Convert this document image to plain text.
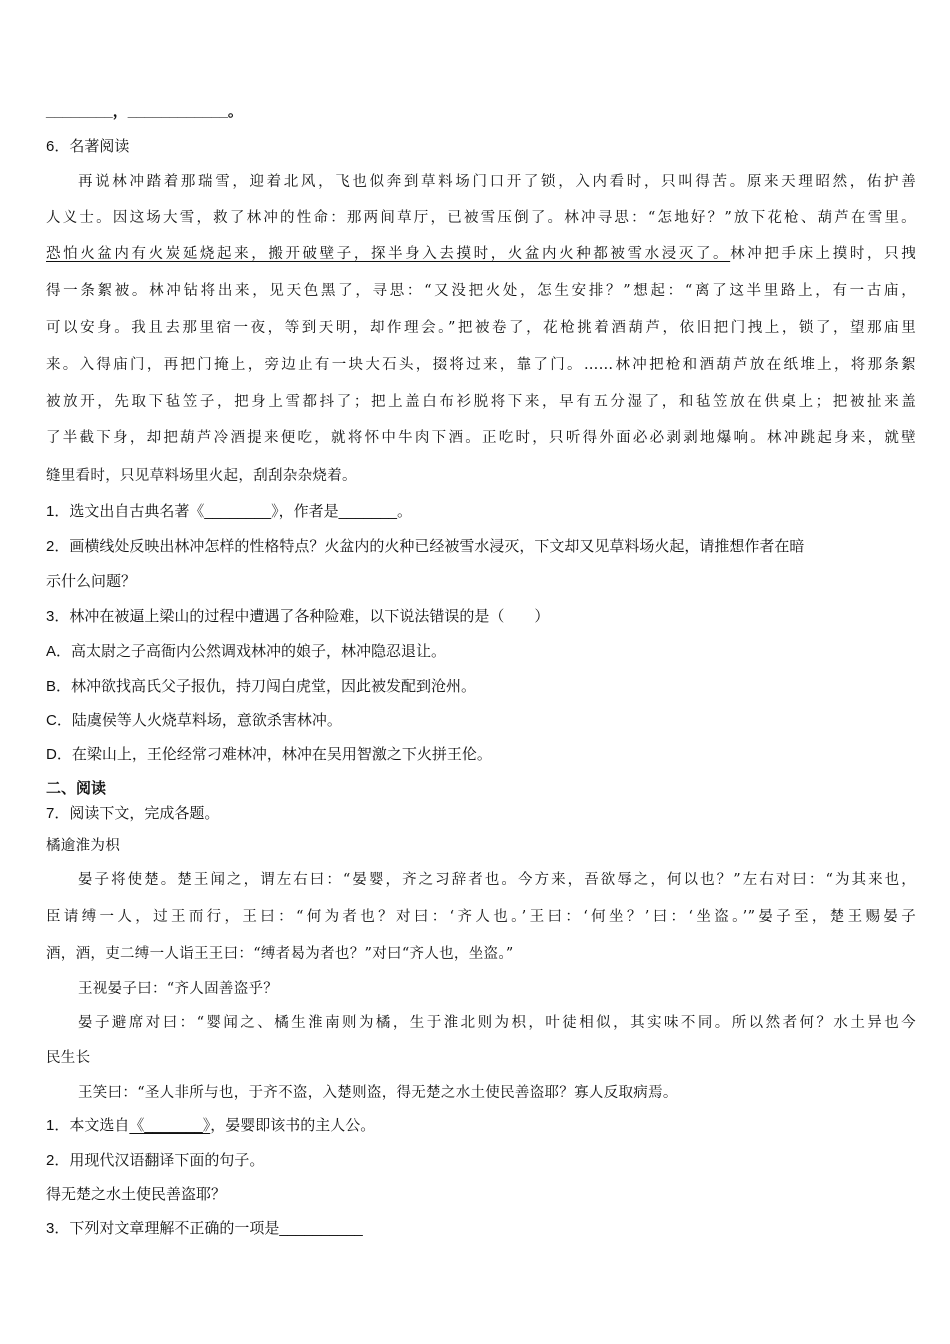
________，____________。
6．名著阅读
再说林冲踏着那瑞雪，迎着北风，飞也似奔到草料场门口开了锁，入内看时，只叫得苦。原来天理昭然，佑护善
人义士。因这场大雪，救了林冲的性命：那两间草厅，已被雪压倒了。林冲寻思：“怎地好？”放下花枪、葫芦在雪里。
恐怕火盆内有火炭延烧起来，搬开破壁子，探半身入去摸时，火盆内火种都被雪水浸灭了。林冲把手床上摸时，只拽
得一条絮被。林冲钻将出来，见天色黑了，寻思：“又没把火处，怎生安排？”想起：“离了这半里路上，有一古庙，
可以安身。我且去那里宿一夜，等到天明，却作理会。”把被卷了，花枪挑着酒葫芦，依旧把门拽上，锁了，望那庙里
来。入得庙门，再把门掩上，旁边止有一块大石头，掇将过来，靠了门。……林冲把枪和酒葫芦放在纸堆上，将那条絮
被放开，先取下毡笠子，把身上雪都抖了；把上盖白布衫脱将下来，早有五分湿了，和毡笠放在供桌上；把被扯来盖
了半截下身，却把葫芦冷酒提来便吃，就将怀中牛肉下酒。正吃时，只听得外面必必剥剥地爆响。林冲跳起身来，就壁
缝里看时，只见草料场里火起，刮刮杂杂烧着。
1．选文出自古典名著《________》，作者是_______。
2．画横线处反映出林冲怎样的性格特点？火盆内的火种已经被雪水浸灭，下文却又见草料场火起，请推想作者在暗
示什么问题？
3．林冲在被逼上梁山的过程中遭遇了各种险难，以下说法错误的是（　　）
A．高太尉之子高衙内公然调戏林冲的娘子，林冲隐忍退让。
B．林冲欲找高氏父子报仇，持刀闯白虎堂，因此被发配到沧州。
C．陆虞侯等人火烧草料场，意欲杀害林冲。
D．在梁山上，王伦经常刁难林冲，林冲在吴用智激之下火拼王伦。
二、阅读
7．阅读下文，完成各题。
橘逾淮为枳
晏子将使楚。楚王闻之，谓左右曰：“晏婴，齐之习辞者也。今方来，吾欲辱之，何以也？”左右对曰：“为其来也，
臣请缚一人，过王而行，王曰：“何为者也？对曰：‘齐人也。’王曰：‘何坐？’曰：‘坐盗。’”晏子至，楚王赐晏子
酒，酒，吏二缚一人诣王王曰：“缚者曷为者也？”对曰“齐人也，坐盗。”
王视晏子曰：“齐人固善盗乎？
晏子避席对曰：“婴闻之、橘生淮南则为橘，生于淮北则为枳，叶徒相似，其实味不同。所以然者何？水土异也今
民生长
王笑曰：“圣人非所与也，于齐不盗，入楚则盗，得无楚之水土使民善盗耶？寡人反取病焉。
1．本文选自《_______》，晏婴即该书的主人公。
2．用现代汉语翻译下面的句子。
得无楚之水土使民善盗耶？
3．下列对文章理解不正确的一项是__________
